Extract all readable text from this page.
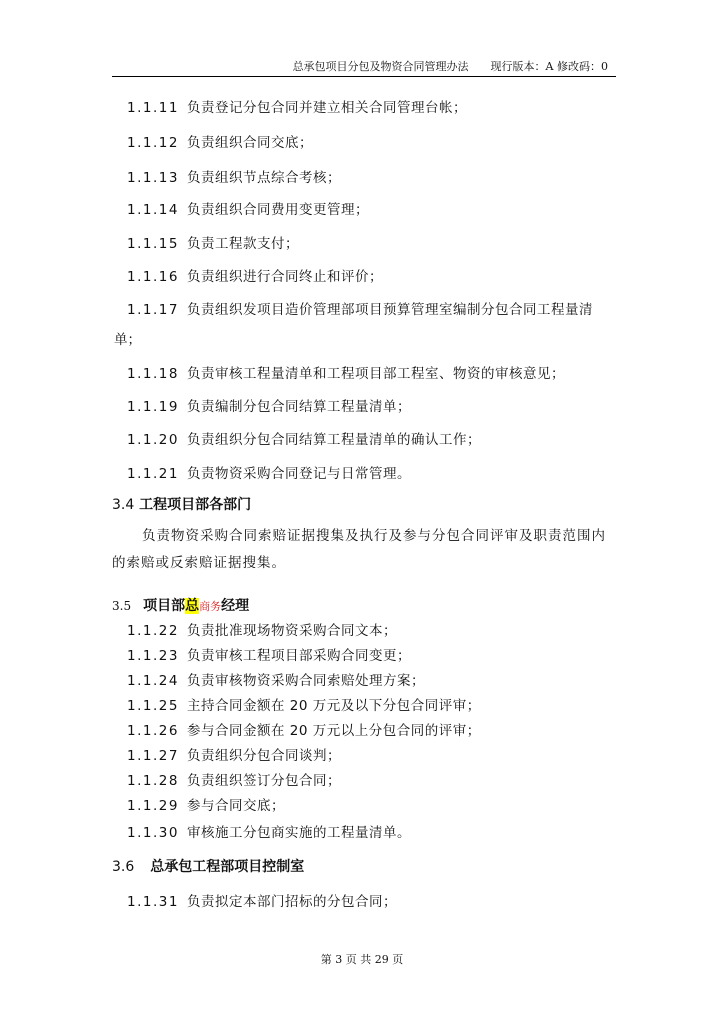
总承包项目分包及物资合同管理办法　　现行版本：A 修改码：0
1.1.11 负责登记分包合同并建立相关合同管理台帐；
1.1.12 负责组织合同交底；
1.1.13 负责组织节点综合考核；
1.1.14 负责组织合同费用变更管理；
1.1.15 负责工程款支付；
1.1.16 负责组织进行合同终止和评价；
1.1.17 负责组织发项目造价管理部项目预算管理室编制分包合同工程量清
单；
1.1.18 负责审核工程量清单和工程项目部工程室、物资的审核意见；
1.1.19 负责编制分包合同结算工程量清单；
1.1.20 负责组织分包合同结算工程量清单的确认工作；
1.1.21 负责物资采购合同登记与日常管理。
3.4 工程项目部各部门
负责物资采购合同索赔证据搜集及执行及参与分包合同评审及职责范围内的索赔或反索赔证据搜集。
3.5 项目部总商务经理
1.1.22 负责批准现场物资采购合同文本；
1.1.23 负责审核工程项目部采购合同变更；
1.1.24 负责审核物资采购合同索赔处理方案；
1.1.25 主持合同金额在 20 万元及以下分包合同评审；
1.1.26 参与合同金额在 20 万元以上分包合同的评审；
1.1.27 负责组织分包合同谈判；
1.1.28 负责组织签订分包合同；
1.1.29 参与合同交底；
1.1.30 审核施工分包商实施的工程量清单。
3.6 总承包工程部项目控制室
1.1.31 负责拟定本部门招标的分包合同；
第 3 页 共 29 页
